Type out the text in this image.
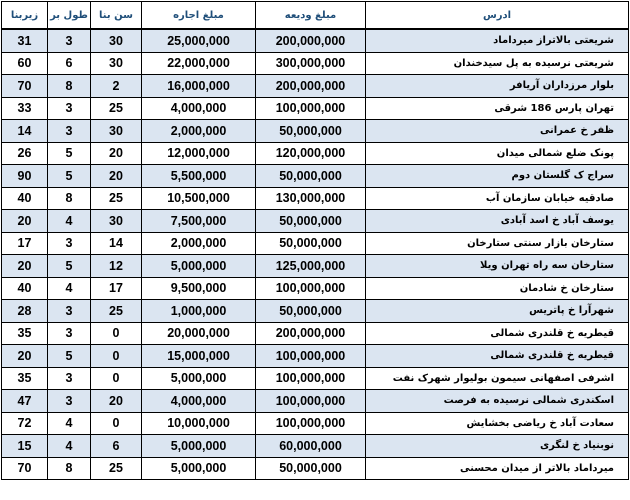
زیربنا	طول بر	سن بنا	مبلغ اجاره	مبلغ ودیعه	ادرس
31	3	30	25,000,000	200,000,000	شریعتی بالاتراز میرداماد
60	6	30	22,000,000	300,000,000	شریعتی نرسیده به پل سیدخندان
70	8	2	16,000,000	200,000,000	بلوار مرزداران آریافر
33	3	25	4,000,000	100,000,000	تهران پارس 186 شرقی
14	3	30	2,000,000	50,000,000	ظفر خ عمرانی
26	5	20	12,000,000	120,000,000	پونک ضلع شمالی میدان
90	5	20	5,500,000	50,000,000	سراج ک گلستان دوم
40	8	25	10,500,000	130,000,000	صادقیه خیابان سازمان آب
20	4	30	7,500,000	50,000,000	یوسف آباد خ اسد آبادی
17	3	14	2,000,000	50,000,000	ستارخان بازار سنتی ستارخان
20	5	12	5,000,000	125,000,000	ستارخان سه راه تهران ویلا
40	4	17	9,500,000	100,000,000	ستارخان خ شادمان
28	3	25	1,000,000	50,000,000	شهرآرا خ پاتریس
35	3	0	20,000,000	200,000,000	قیطریه خ قلندری شمالی
20	5	0	15,000,000	100,000,000	قیطریه خ قلندری شمالی
35	3	0	5,000,000	100,000,000	اشرفی اصفهانی سیمون بولیوار شهرک نفت
47	3	20	4,000,000	100,000,000	اسکندری شمالی نرسیده به فرصت
72	4	0	10,000,000	100,000,000	سعادت آباد خ ریاضی بخشایش
15	4	6	5,000,000	60,000,000	نوبنیاد خ لنگری
70	8	25	5,000,000	50,000,000	میرداماد بالاتر از میدان محسنی
